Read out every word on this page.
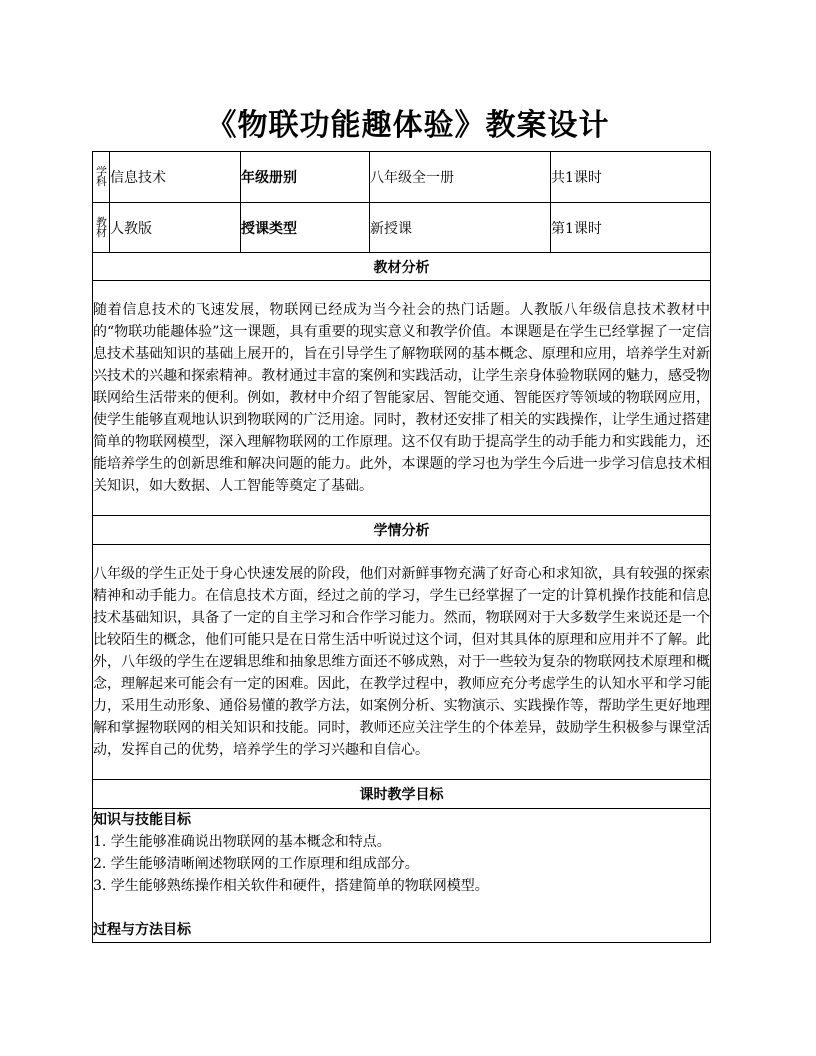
《物联功能趣体验》教案设计
学科	信息技术	年级册别	八年级全一册	共1课时

教材	人教版	授课类型	新授课	第1课时
教材分析				
随着信息技术的飞速发展，物联网已经成为当今社会的热门话题。人教版八年级信息技术教材中的“物联功能趣体验”这一课题，具有重要的现实意义和教学价值。本课题是在学生已经掌握了一定信息技术基础知识的基础上展开的，旨在引导学生了解物联网的基本概念、原理和应用，培养学生对新兴技术的兴趣和探索精神。教材通过丰富的案例和实践活动，让学生亲身体验物联网的魅力，感受物联网给生活带来的便利。例如，教材中介绍了智能家居、智能交通、智能医疗等领域的物联网应用，使学生能够直观地认识到物联网的广泛用途。同时，教材还安排了相关的实践操作，让学生通过搭建简单的物联网模型，深入理解物联网的工作原理。这不仅有助于提高学生的动手能力和实践能力，还能培养学生的创新思维和解决问题的能力。此外，本课题的学习也为学生今后进一步学习信息技术相关知识，如大数据、人工智能等奠定了基础。				
学情分析				
八年级的学生正处于身心快速发展的阶段，他们对新鲜事物充满了好奇心和求知欲，具有较强的探索精神和动手能力。在信息技术方面，经过之前的学习，学生已经掌握了一定的计算机操作技能和信息技术基础知识，具备了一定的自主学习和合作学习能力。然而，物联网对于大多数学生来说还是一个比较陌生的概念，他们可能只是在日常生活中听说过这个词，但对其具体的原理和应用并不了解。此外，八年级的学生在逻辑思维和抽象思维方面还不够成熟，对于一些较为复杂的物联网技术原理和概念，理解起来可能会有一定的困难。因此，在教学过程中，教师应充分考虑学生的认知水平和学习能力，采用生动形象、通俗易懂的教学方法，如案例分析、实物演示、实践操作等，帮助学生更好地理解和掌握物联网的相关知识和技能。同时，教师还应关注学生的个体差异，鼓励学生积极参与课堂活动，发挥自己的优势，培养学生的学习兴趣和自信心。				
课时教学目标				

知识与技能目标
1. 学生能够准确说出物联网的基本概念和特点。
2. 学生能够清晰阐述物联网的工作原理和组成部分。
3. 学生能够熟练操作相关软件和硬件，搭建简单的物联网模型。
过程与方法目标				
